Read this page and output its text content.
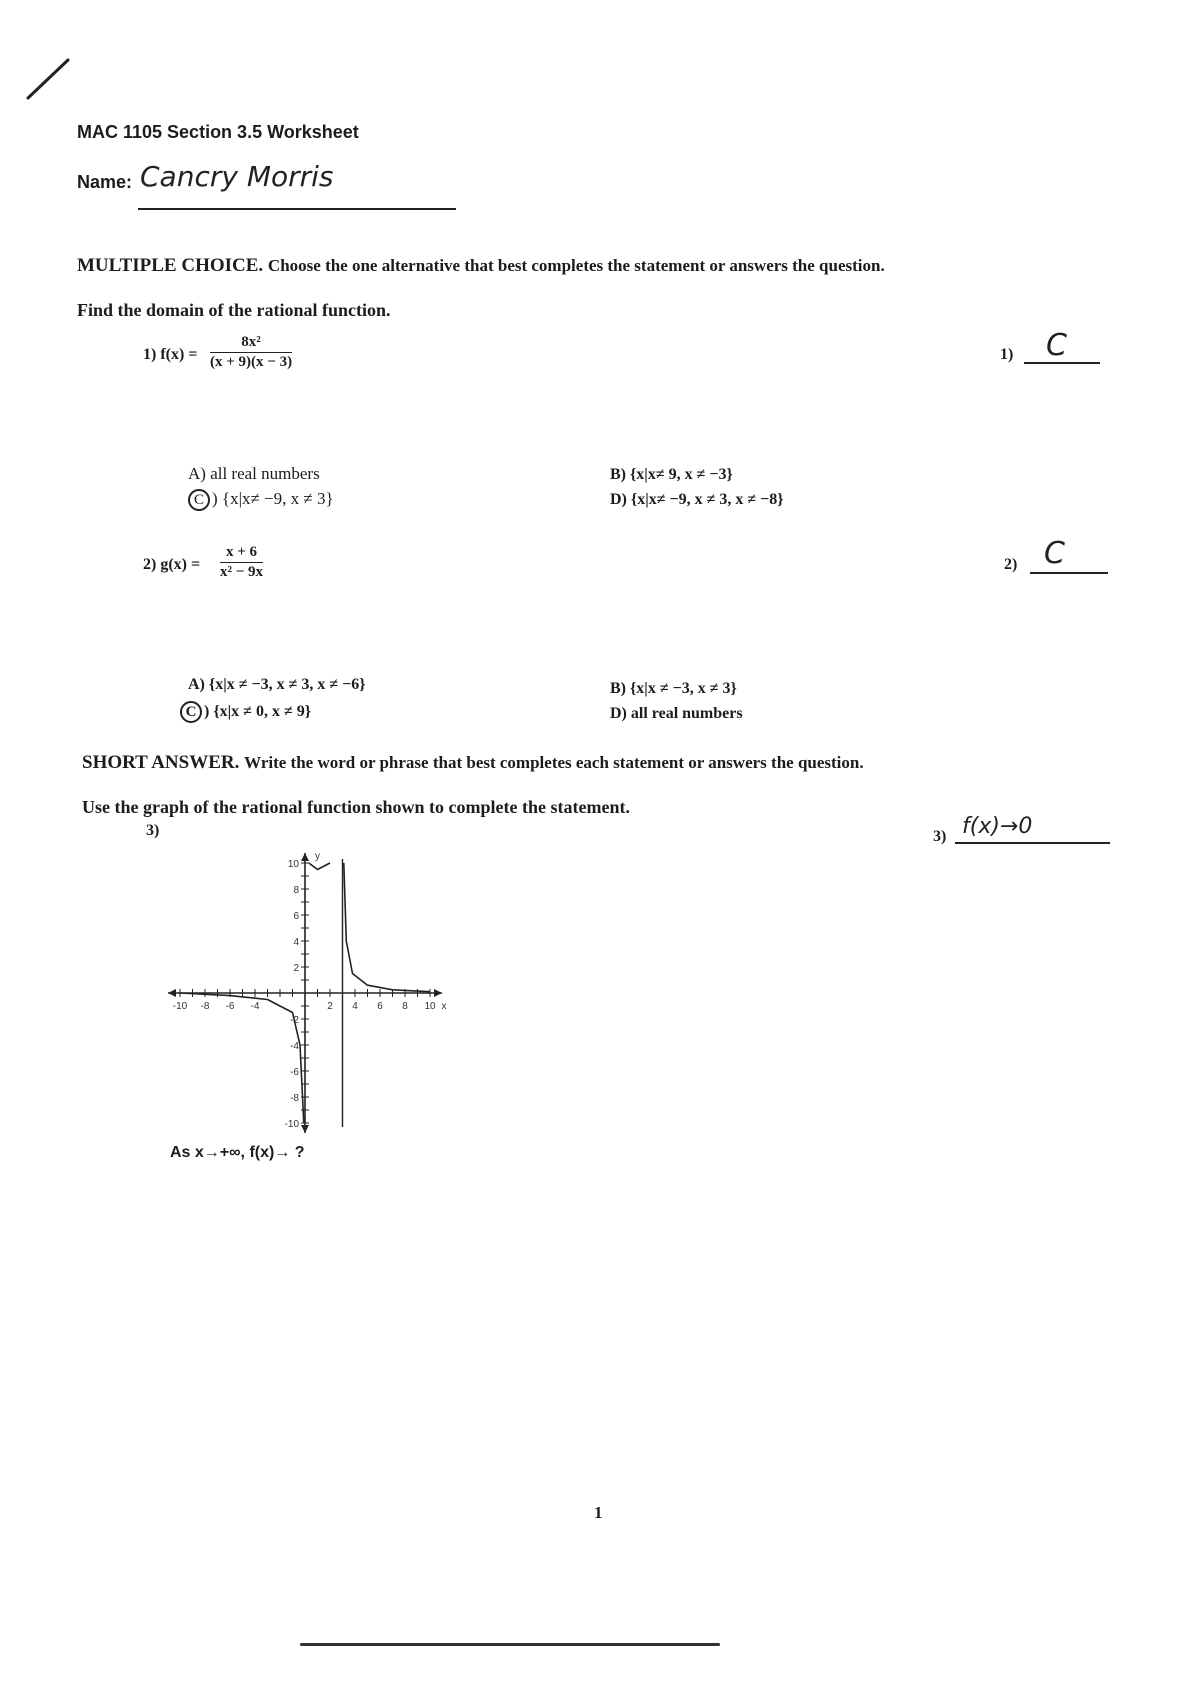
MAC 1105 Section 3.5 Worksheet
Name: Cancry Morris
MULTIPLE CHOICE. Choose the one alternative that best completes the statement or answers the question.
Find the domain of the rational function.
1) $f(x) = \frac{\text{8x²}}{(x + 9)(x - 3)}$	1) C
A) all real numbers
C ) {x|x≠ −9, x ≠ 3}
B) {x|x≠ 9, x ≠ −3}
D) {x|x≠ −9, x ≠ 3, x ≠ −8}
2) $g(x) = \frac{x + 6}{\text{x² − 9x}}$	2) C
A) {x|x ≠ −3, x ≠ 3, x ≠ −6}
C ) {x|x ≠ 0, x ≠ 9}
B) {x|x ≠ −3, x ≠ 3}
D) all real numbers
SHORT ANSWER. Write the word or phrase that best completes each statement or answers the question.
Use the graph of the rational function shown to complete the statement.
3)	3) f(x)→0
-10 -8 -6 -4	2 4 6 8 10
-10
-8
-6
-4
-2
2
4
6
8
10
x
y
As x→+∞, f(x)→ ?
1
